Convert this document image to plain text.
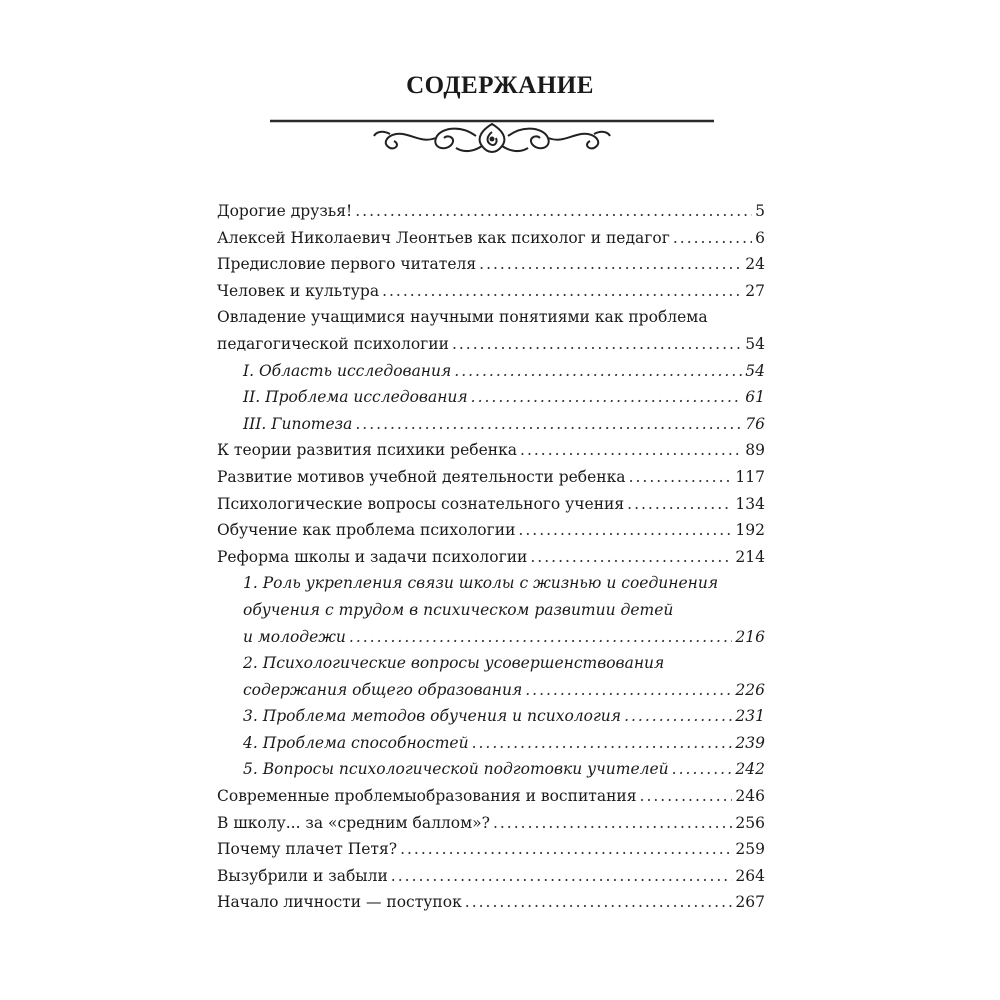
СОДЕРЖАНИЕ
Дорогие друзья! .....	5
Алексей Николаевич Леонтьев как психолог и педагог .....	6
Предисловие первого читателя .....	24
Человек и культура .....	27
Овладение учащимися научными понятиями как проблема
педагогической психологии .....	54
I. Область исследования .....	54
II. Проблема исследования .....	61
III. Гипотеза .....	76
К теории развития психики ребенка .....	89
Развитие мотивов учебной деятельности ребенка .....	117
Психологические вопросы сознательного учения .....	134
Обучение как проблема психологии .....	192
Реформа школы и задачи психологии .....	214
1. Роль укрепления связи школы с жизнью и соединения
обучения с трудом в психическом развитии детей
и молодежи .....	216
2. Психологические вопросы усовершенствования
содержания общего образования .....	226
3. Проблема методов обучения и психология .....	231
4. Проблема способностей .....	239
5. Вопросы психологической подготовки учителей .....	242
Современные проблемыобразования и воспитания .....	246
В школу... за «средним баллом»? .....	256
Почему плачет Петя? .....	259
Вызубрили и забыли .....	264
Начало личности — поступок .....	267
